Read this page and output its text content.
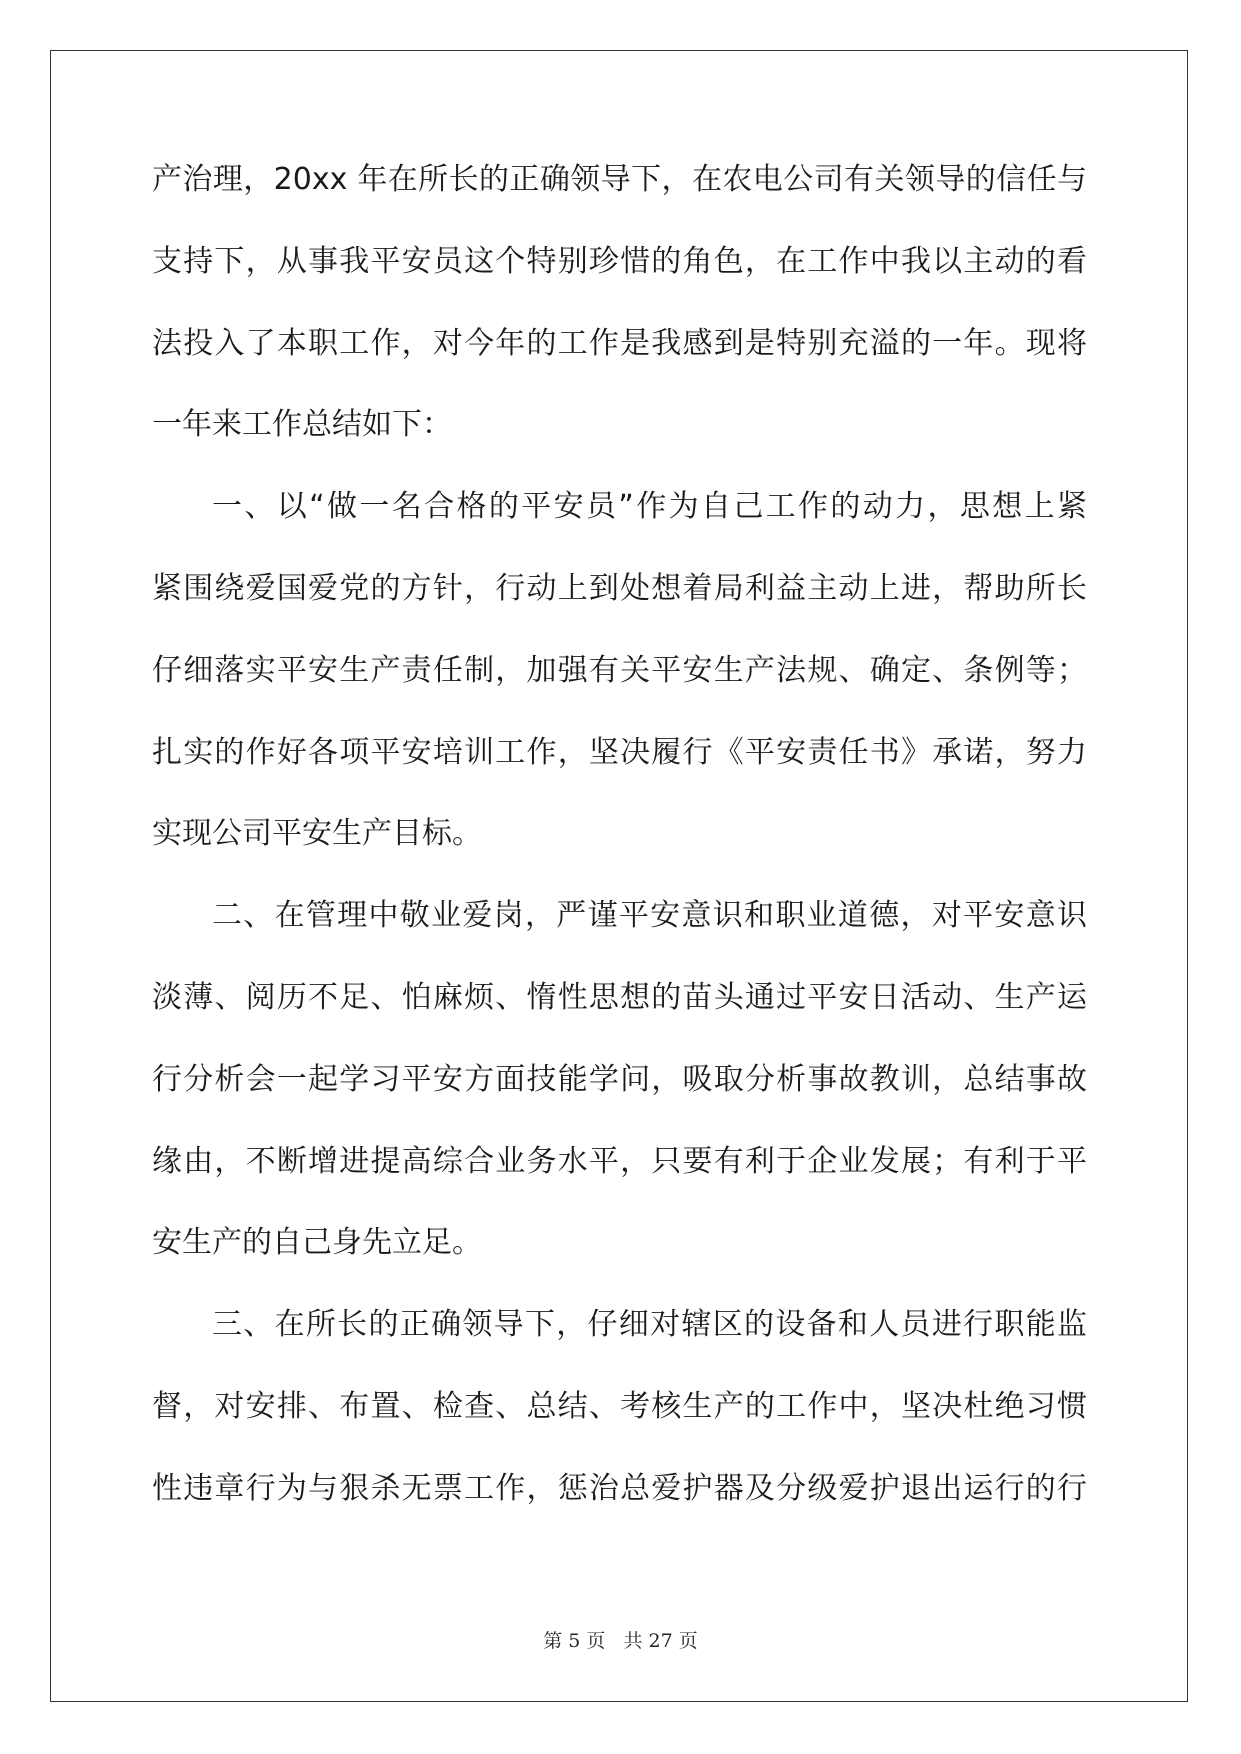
产治理，20xx 年在所长的正确领导下，在农电公司有关领导的信任与
支持下，从事我平安员这个特别珍惜的角色，在工作中我以主动的看
法投入了本职工作，对今年的工作是我感到是特别充溢的一年。现将
一年来工作总结如下：
一、以“做一名合格的平安员”作为自己工作的动力，思想上紧
紧围绕爱国爱党的方针，行动上到处想着局利益主动上进，帮助所长
仔细落实平安生产责任制，加强有关平安生产法规、确定、条例等；
扎实的作好各项平安培训工作，坚决履行《平安责任书》承诺，努力
实现公司平安生产目标。
二、在管理中敬业爱岗，严谨平安意识和职业道德，对平安意识
淡薄、阅历不足、怕麻烦、惰性思想的苗头通过平安日活动、生产运
行分析会一起学习平安方面技能学问，吸取分析事故教训，总结事故
缘由，不断增进提高综合业务水平，只要有利于企业发展；有利于平
安生产的自己身先立足。
三、在所长的正确领导下，仔细对辖区的设备和人员进行职能监
督，对安排、布置、检查、总结、考核生产的工作中，坚决杜绝习惯
性违章行为与狠杀无票工作，惩治总爱护器及分级爱护退出运行的行
第 5 页 共 27 页
